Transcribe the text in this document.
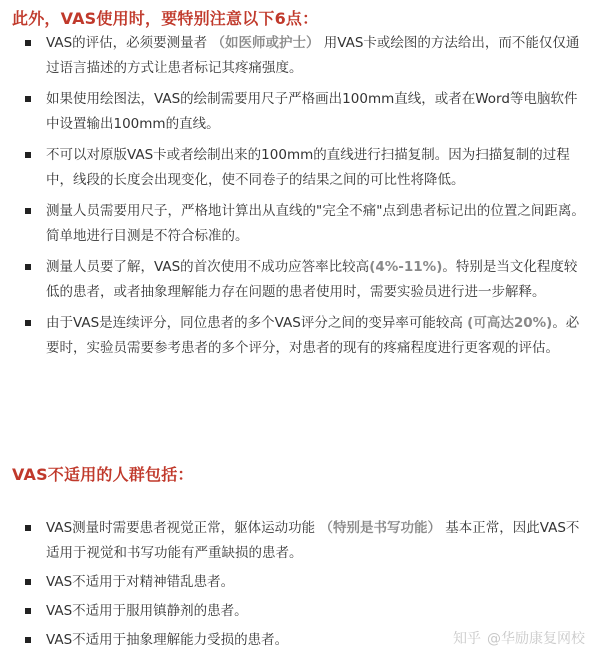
此外，VAS使用时，要特别注意以下6点：
VAS的评估，必须要测量者 （如医师或护士） 用VAS卡或绘图的方法给出，而不能仅仅通过语言描述的方式让患者标记其疼痛强度。
如果使用绘图法，VAS的绘制需要用尺子严格画出100mm直线，或者在Word等电脑软件中设置输出100mm的直线。
不可以对原版VAS卡或者绘制出来的100mm的直线进行扫描复制。因为扫描复制的过程中，线段的长度会出现变化，使不同卷子的结果之间的可比性将降低。
测量人员需要用尺子，严格地计算出从直线的"完全不痛"点到患者标记出的位置之间距离。简单地进行目测是不符合标准的。
测量人员要了解，VAS的首次使用不成功应答率比较高(4%-11%)。特别是当文化程度较低的患者，或者抽象理解能力存在问题的患者使用时，需要实验员进行进一步解释。
由于VAS是连续评分，同位患者的多个VAS评分之间的变异率可能较高 (可高达20%)。必要时，实验员需要参考患者的多个评分，对患者的现有的疼痛程度进行更客观的评估。
VAS不适用的人群包括：
VAS测量时需要患者视觉正常，躯体运动功能 （特别是书写功能） 基本正常，因此VAS不适用于视觉和书写功能有严重缺损的患者。
VAS不适用于对精神错乱患者。
VAS不适用于服用镇静剂的患者。
VAS不适用于抽象理解能力受损的患者。	知乎 @华励康复网校
